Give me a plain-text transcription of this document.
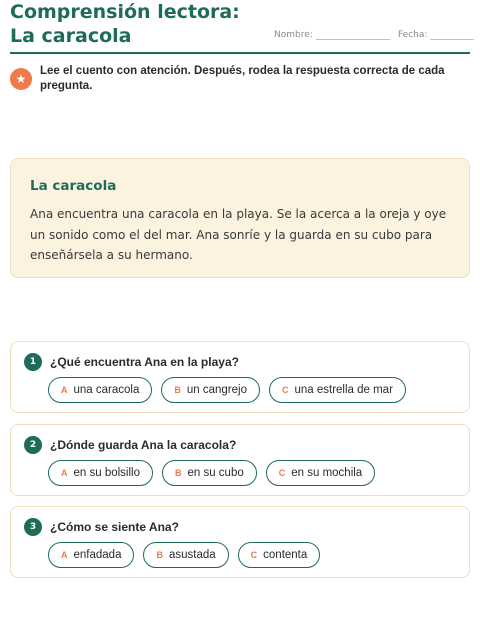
Comprensión lectora: La caracola	Nombre:	Fecha:
★
Lee el cuento con atención. Después, rodea la respuesta correcta de cada pregunta.
La caracola
Ana encuentra una caracola en la playa. Se la acerca a la oreja y oye un sonido como el del mar. Ana sonríe y la guarda en su cubo para enseñársela a su hermano.
1	¿Qué encuentra Ana en la playa?
A una caracola	B un cangrejo	C una estrella de mar
2	¿Dónde guarda Ana la caracola?
A en su bolsillo	B en su cubo	C en su mochila
3	¿Cómo se siente Ana?
A enfadada	B asustada	C contenta
